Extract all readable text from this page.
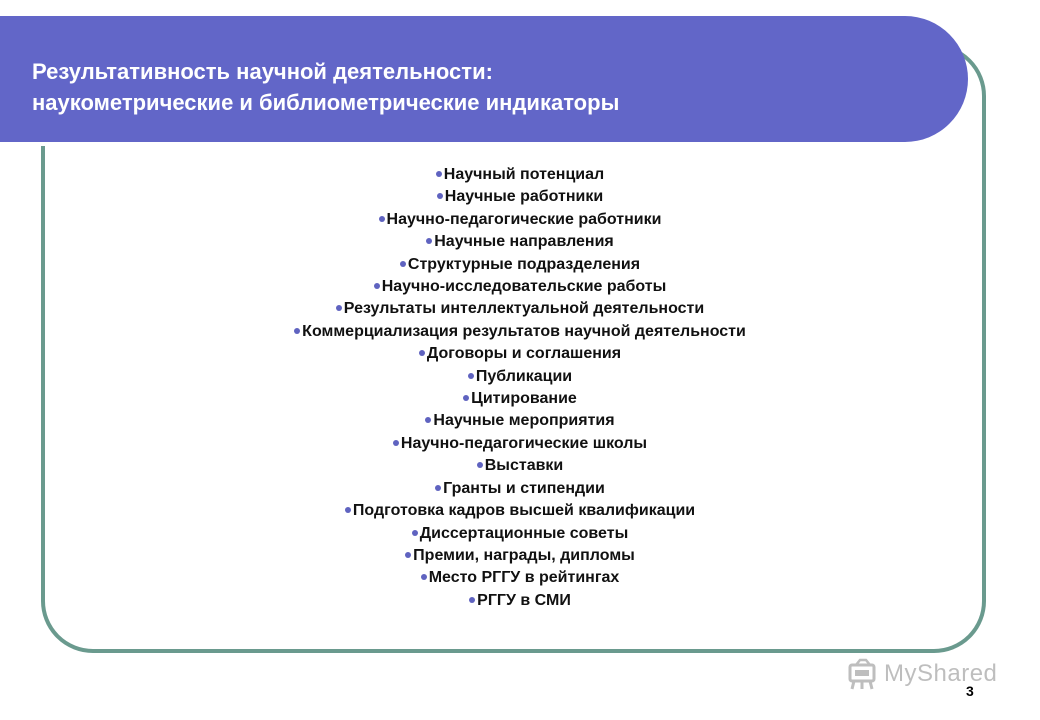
Результативность научной деятельности:
наукометрические и библиометрические индикаторы
Научный потенциал
Научные работники
Научно-педагогические работники
Научные направления
Структурные подразделения
Научно-исследовательские работы
Результаты интеллектуальной деятельности
Коммерциализация результатов научной деятельности
Договоры и соглашения
Публикации
Цитирование
Научные мероприятия
Научно-педагогические школы
Выставки
Гранты и стипендии
Подготовка кадров высшей квалификации
Диссертационные советы
Премии, награды, дипломы
Место РГГУ в рейтингах
РГГУ в СМИ
MyShared
3
